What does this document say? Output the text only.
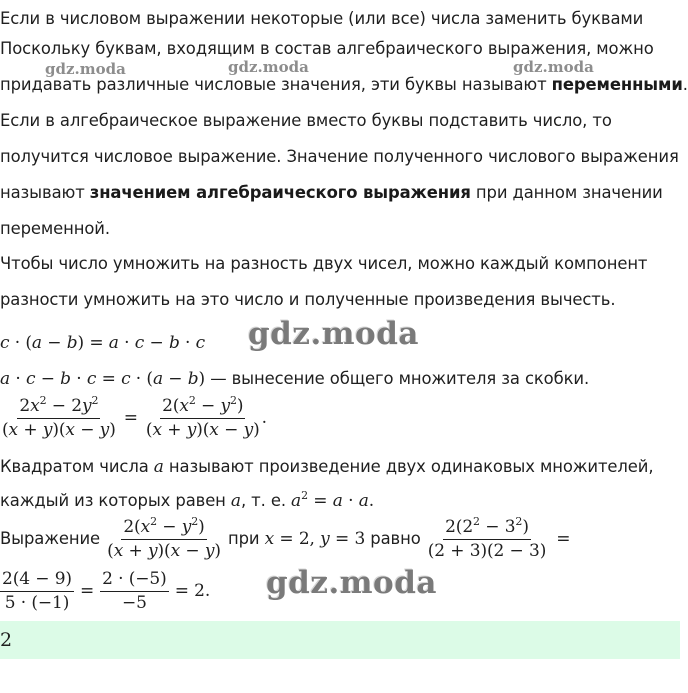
Если в числовом выражении некоторые (или все) числа заменить буквами
Поскольку буквам, входящим в состав алгебраического выражения, можно
gdz.moda	gdz.moda	gdz.moda
придавать различные числовые значения, эти буквы называют переменными.
Если в алгебраическое выражение вместо буквы подставить число, то
получится числовое выражение. Значение полученного числового выражения
называют значением алгебраического выражения при данном значении
переменной.
Чтобы число умножить на разность двух чисел, можно каждый компонент
разности умножить на это число и полученные произведения вычесть.
c · (a − b) = a · c − b · c gdz.moda
a · c − b · c = c · (a − b) — вынесение общего множителя за скобки.
$\frac{2x^2 - 2y^2}{(x + y)(x - y)} = \frac{2(x^2 - y^2)}{(x + y)(x - y)}$ .
Квадратом числа a называют произведение двух одинаковых множителей,
каждый из которых равен a, т. е. $a^2 = a \cdot a$.
Выражение $\frac{2(x^2 - y^2)}{(x + y)(x - y)}$ при x = 2, y = 3 равно $\frac{2(2^2 - 3^2)}{(2 + 3)(2 - 3)}$ =
$\frac{2(4 - 9)}{5 \cdot (-1)} = \frac{2 \cdot (-5)}{-5} = 2$. gdz.moda
2
